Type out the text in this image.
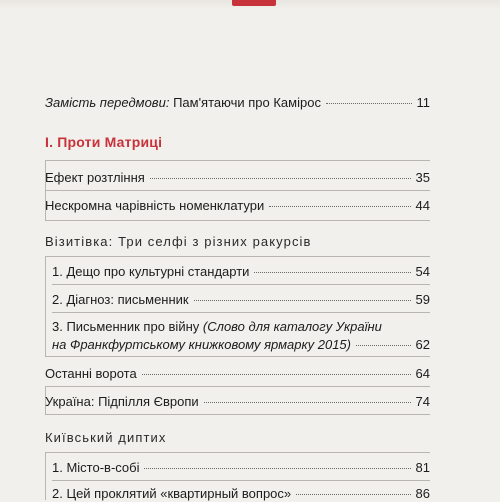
Замість передмови: Пам'ятаючи про Камірос	11
I. Проти Матриці
Ефект розтління	35
Нескромна чарівність номенклатури	44
Візитівка: Три селфі з різних ракурсів
1. Дещо про культурні стандарти	54
2. Діагноз: письменник	59
3. Письменник про війну (Слово для каталогу України
на Франкфуртському книжковому ярмарку 2015)	62
Останні ворота	64
Україна: Підпілля Європи	74
Київський диптих
1. Місто-в-собі	81
2. Цей проклятий «квартирный вопрос»	86
